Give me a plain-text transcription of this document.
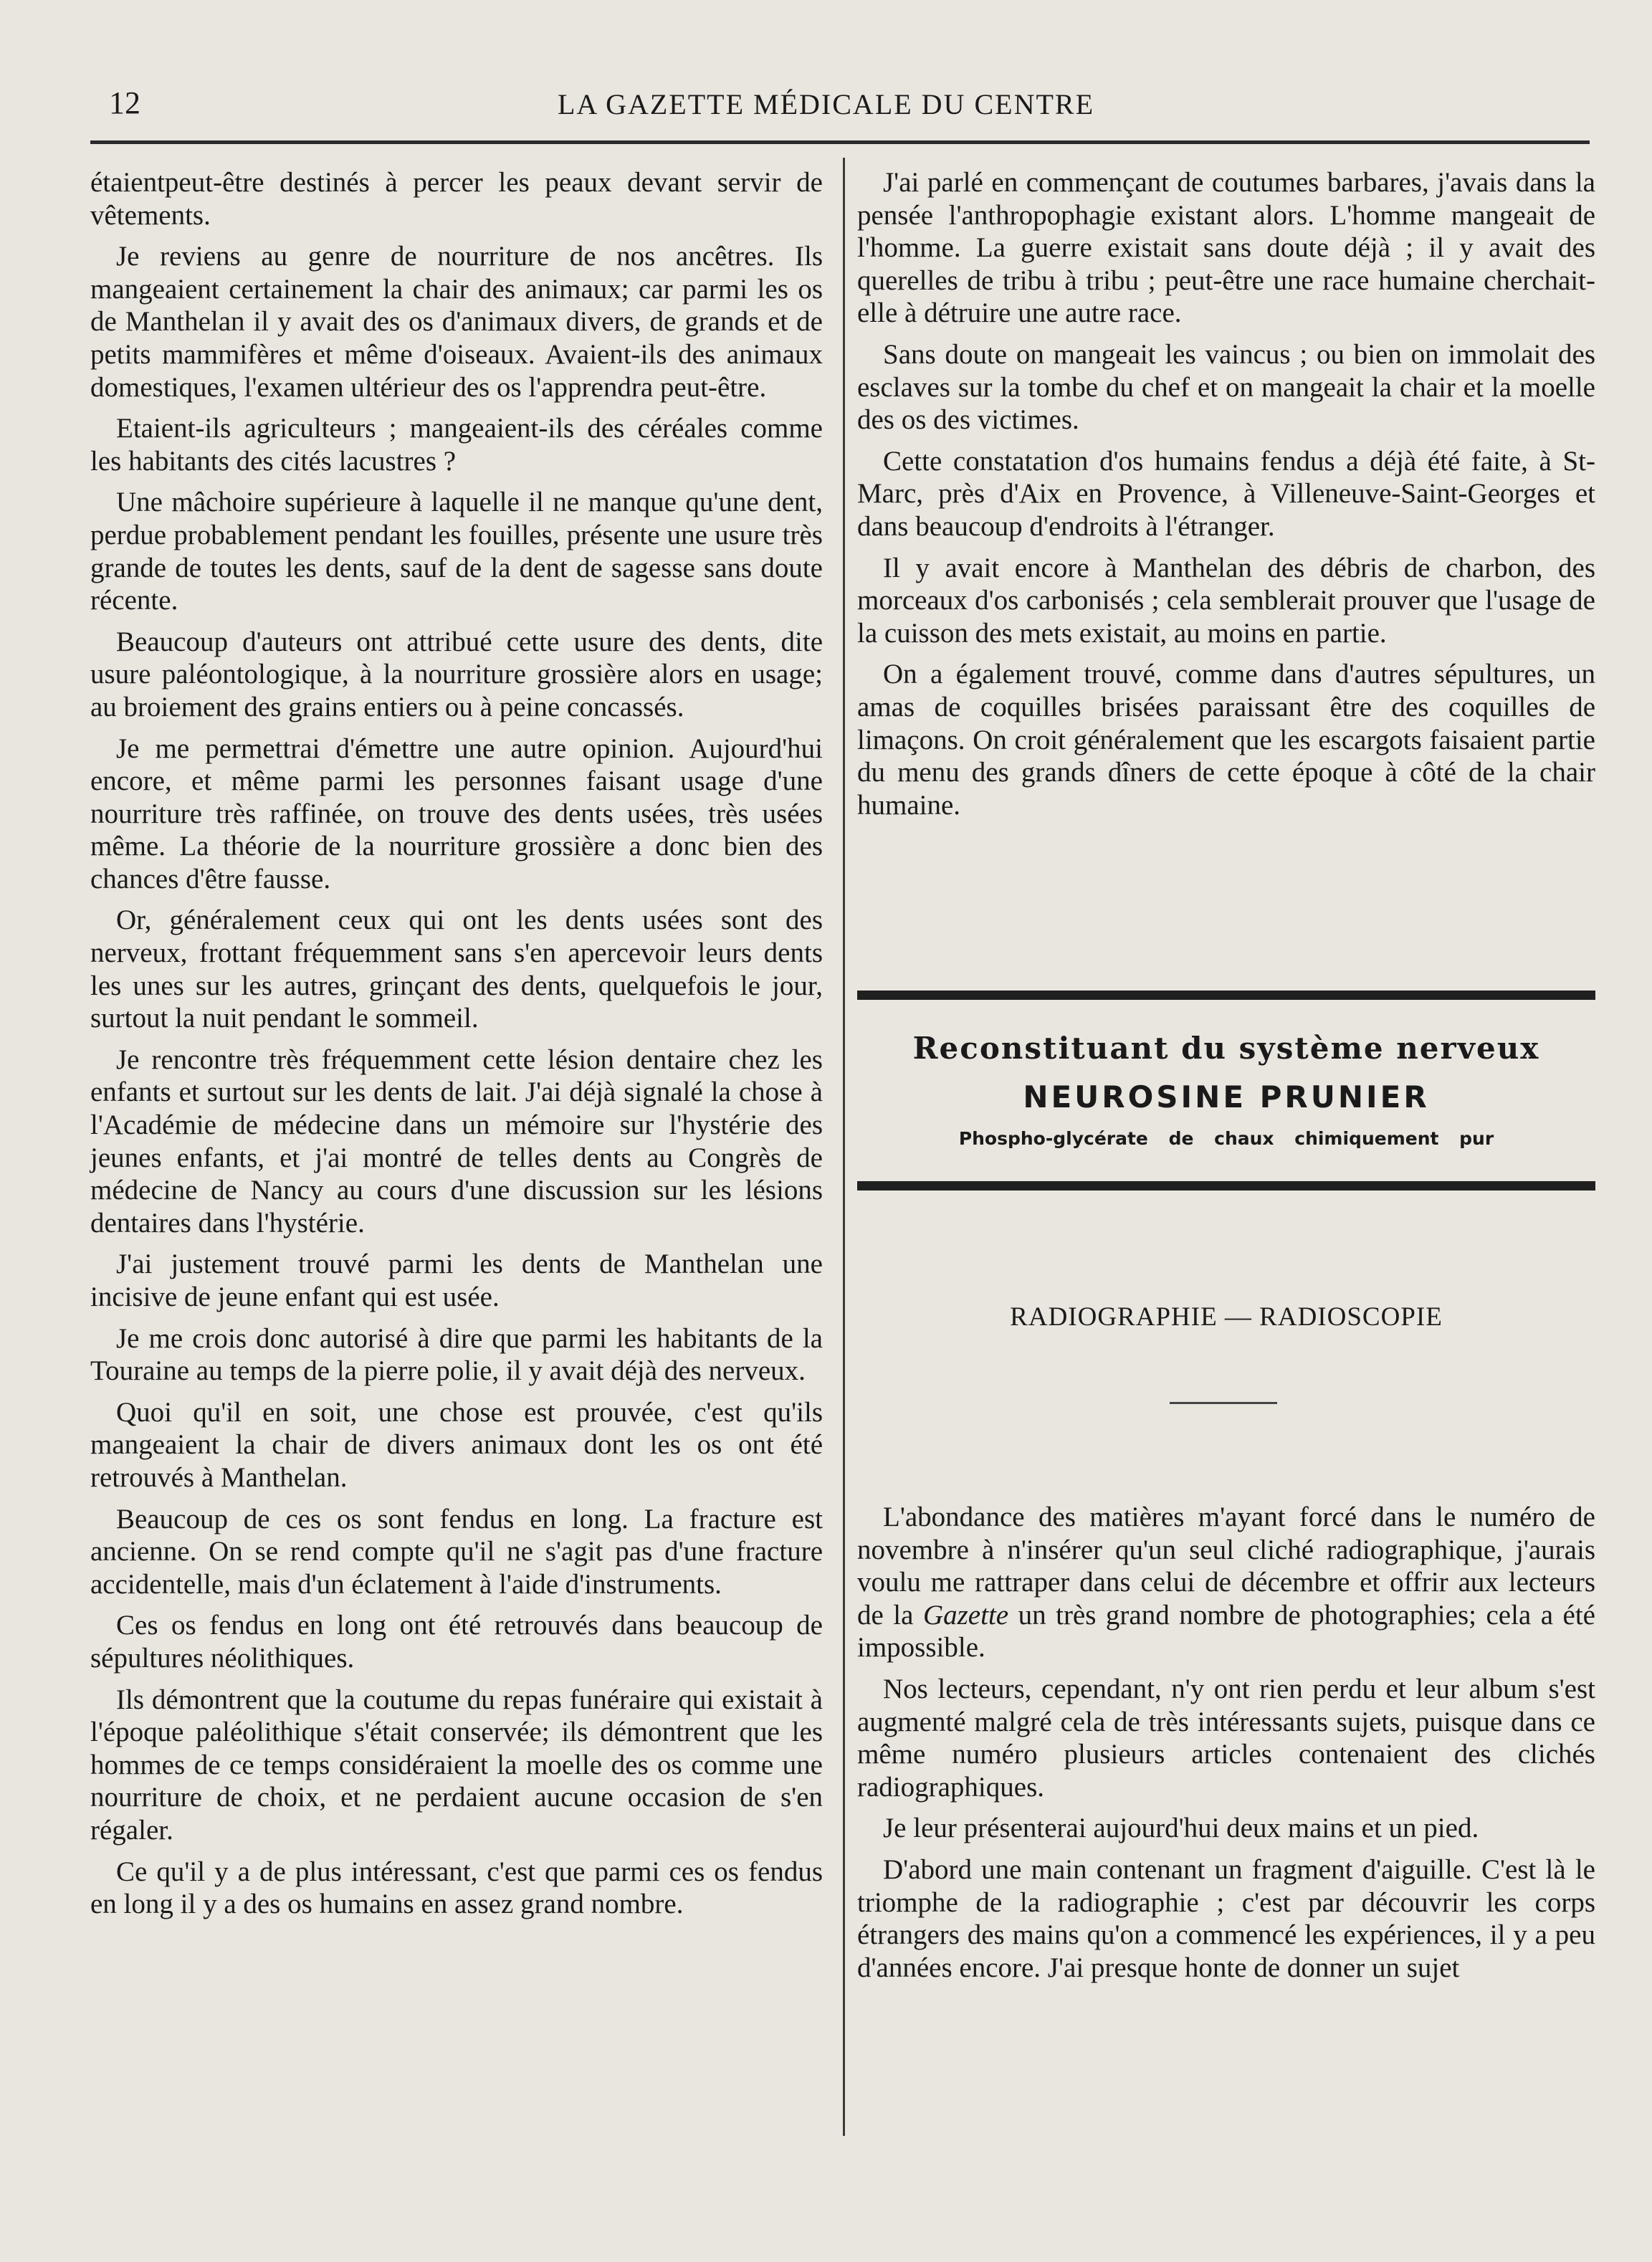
12	LA GAZETTE MÉDICALE DU CENTRE

étaientpeut-être destinés à percer les peaux devant servir de vêtements.

Je reviens au genre de nourriture de nos ancêtres. Ils mangeaient certainement la chair des animaux; car parmi les os de Manthelan il y avait des os d'animaux divers, de grands et de petits mammifères et même d'oiseaux. Avaient-ils des animaux domestiques, l'examen ultérieur des os l'apprendra peut-être.

Etaient-ils agriculteurs ; mangeaient-ils des céréales comme les habitants des cités lacustres ?

Une mâchoire supérieure à laquelle il ne manque qu'une dent, perdue probablement pendant les fouilles, présente une usure très grande de toutes les dents, sauf de la dent de sagesse sans doute récente.

Beaucoup d'auteurs ont attribué cette usure des dents, dite usure paléontologique, à la nourriture grossière alors en usage; au broiement des grains entiers ou à peine concassés.

Je me permettrai d'émettre une autre opinion. Aujourd'hui encore, et même parmi les personnes faisant usage d'une nourriture très raffinée, on trouve des dents usées, très usées même. La théorie de la nourriture grossière a donc bien des chances d'être fausse.

Or, généralement ceux qui ont les dents usées sont des nerveux, frottant fréquemment sans s'en apercevoir leurs dents les unes sur les autres, grinçant des dents, quelquefois le jour, surtout la nuit pendant le sommeil.

Je rencontre très fréquemment cette lésion dentaire chez les enfants et surtout sur les dents de lait. J'ai déjà signalé la chose à l'Académie de médecine dans un mémoire sur l'hystérie des jeunes enfants, et j'ai montré de telles dents au Congrès de médecine de Nancy au cours d'une discussion sur les lésions dentaires dans l'hystérie.

J'ai justement trouvé parmi les dents de Manthelan une incisive de jeune enfant qui est usée.

Je me crois donc autorisé à dire que parmi les habitants de la Touraine au temps de la pierre polie, il y avait déjà des nerveux.

Quoi qu'il en soit, une chose est prouvée, c'est qu'ils mangeaient la chair de divers animaux dont les os ont été retrouvés à Manthelan.

Beaucoup de ces os sont fendus en long. La fracture est ancienne. On se rend compte qu'il ne s'agit pas d'une fracture accidentelle, mais d'un éclatement à l'aide d'instruments.

Ces os fendus en long ont été retrouvés dans beaucoup de sépultures néolithiques.

Ils démontrent que la coutume du repas funéraire qui existait à l'époque paléolithique s'était conservée; ils démontrent que les hommes de ce temps considéraient la moelle des os comme une nourriture de choix, et ne perdaient aucune occasion de s'en régaler.

Ce qu'il y a de plus intéressant, c'est que parmi ces os fendus en long il y a des os humains en assez grand nombre.

J'ai parlé en commençant de coutumes barbares, j'avais dans la pensée l'anthropophagie existant alors. L'homme mangeait de l'homme. La guerre existait sans doute déjà ; il y avait des querelles de tribu à tribu ; peut-être une race humaine cherchait-elle à détruire une autre race.

Sans doute on mangeait les vaincus ; ou bien on immolait des esclaves sur la tombe du chef et on mangeait la chair et la moelle des os des victimes.

Cette constatation d'os humains fendus a déjà été faite, à St-Marc, près d'Aix en Provence, à Villeneuve-Saint-Georges et dans beaucoup d'endroits à l'étranger.

Il y avait encore à Manthelan des débris de charbon, des morceaux d'os carbonisés ; cela semblerait prouver que l'usage de la cuisson des mets existait, au moins en partie.

On a également trouvé, comme dans d'autres sépultures, un amas de coquilles brisées paraissant être des coquilles de limaçons. On croit généralement que les escargots faisaient partie du menu des grands dîners de cette époque à côté de la chair humaine.

Reconstituant du système nerveux
NEUROSINE PRUNIER
Phospho-glycérate de chaux chimiquement pur
RADIOGRAPHIE — RADIOSCOPIE

L'abondance des matières m'ayant forcé dans le numéro de novembre à n'insérer qu'un seul cliché radiographique, j'aurais voulu me rattraper dans celui de décembre et offrir aux lecteurs de la Gazette un très grand nombre de photographies; cela a été impossible.

Nos lecteurs, cependant, n'y ont rien perdu et leur album s'est augmenté malgré cela de très intéressants sujets, puisque dans ce même numéro plusieurs articles contenaient des clichés radiographiques.

Je leur présenterai aujourd'hui deux mains et un pied.

D'abord une main contenant un fragment d'aiguille. C'est là le triomphe de la radiographie ; c'est par découvrir les corps étrangers des mains qu'on a commencé les expériences, il y a peu d'années encore. J'ai presque honte de donner un sujet
